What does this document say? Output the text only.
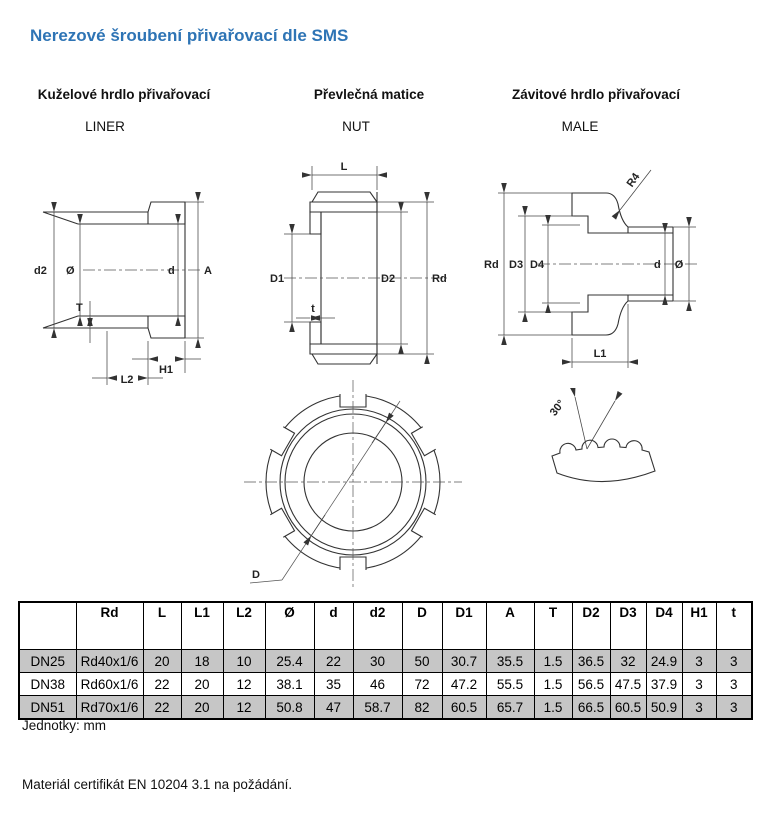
Nerezové šroubení přivařovací dle SMS
Kuželové hrdlo přivařovací	Převlečná matice	Závitové hrdlo přivařovací
LINER	NUT	MALE
d2 Ø	d	A
T
H1
L2
L
D1
t
D2	Rd
Rd D3 D4	d Ø
R4
L1
D
30°
	Rd	L	L1	L2	Ø	d	d2	D	D1	A	T	D2	D3	D4	H1	t
DN25	Rd40x1/6	20	18	10	25.4	22	30	50	30.7	35.5	1.5	36.5	32	24.9	3	3
DN38	Rd60x1/6	22	20	12	38.1	35	46	72	47.2	55.5	1.5	56.5	47.5	37.9	3	3
DN51	Rd70x1/6	22	20	12	50.8	47	58.7	82	60.5	65.7	1.5	66.5	60.5	50.9	3	3
Jednotky: mm
Materiál certifikát EN 10204 3.1 na požádání.
